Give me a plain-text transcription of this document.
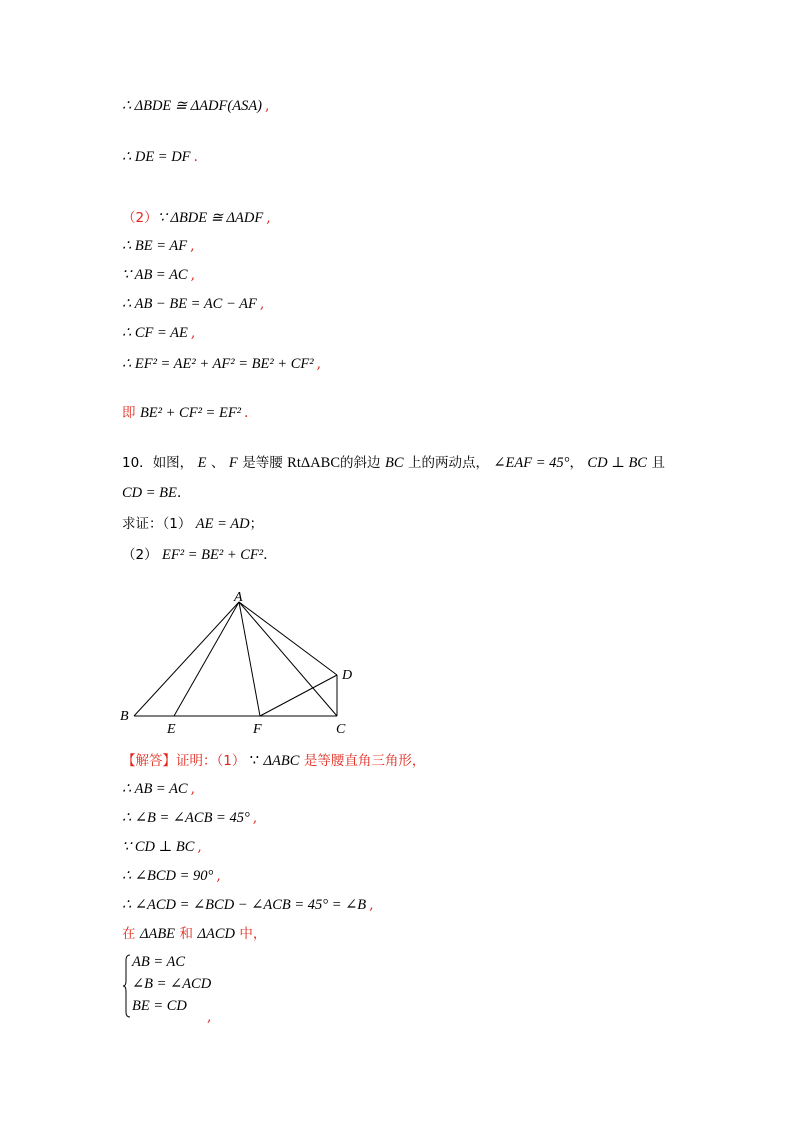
∴ ΔBDE ≅ ΔADF(ASA) ,
∴ DE = DF .
（2）∵ ΔBDE ≅ ΔADF ,
∴ BE = AF ,
∵ AB = AC ,
∴ AB − BE = AC − AF ,
∴ CF = AE ,
∴ EF² = AE² + AF² = BE² + CF² ,
即 BE² + CF² = EF² .
10．如图， E 、 F 是等腰 RtΔABC的斜边 BC 上的两动点， ∠EAF = 45°， CD ⊥ BC 且
CD = BE.
求证：（1） AE = AD；
（2） EF² = BE² + CF².
A
B
C
D
E	F
【解答】证明：（1） ∵ ΔABC 是等腰直角三角形，
∴ AB = AC ,
∴ ∠B = ∠ACB = 45° ,
∵ CD ⊥ BC ,
∴ ∠BCD = 90° ,
∴ ∠ACD = ∠BCD − ∠ACB = 45° = ∠B ,
在 ΔABE 和 ΔACD 中，
AB = AC
∠B = ∠ACD
BE = CD
,
